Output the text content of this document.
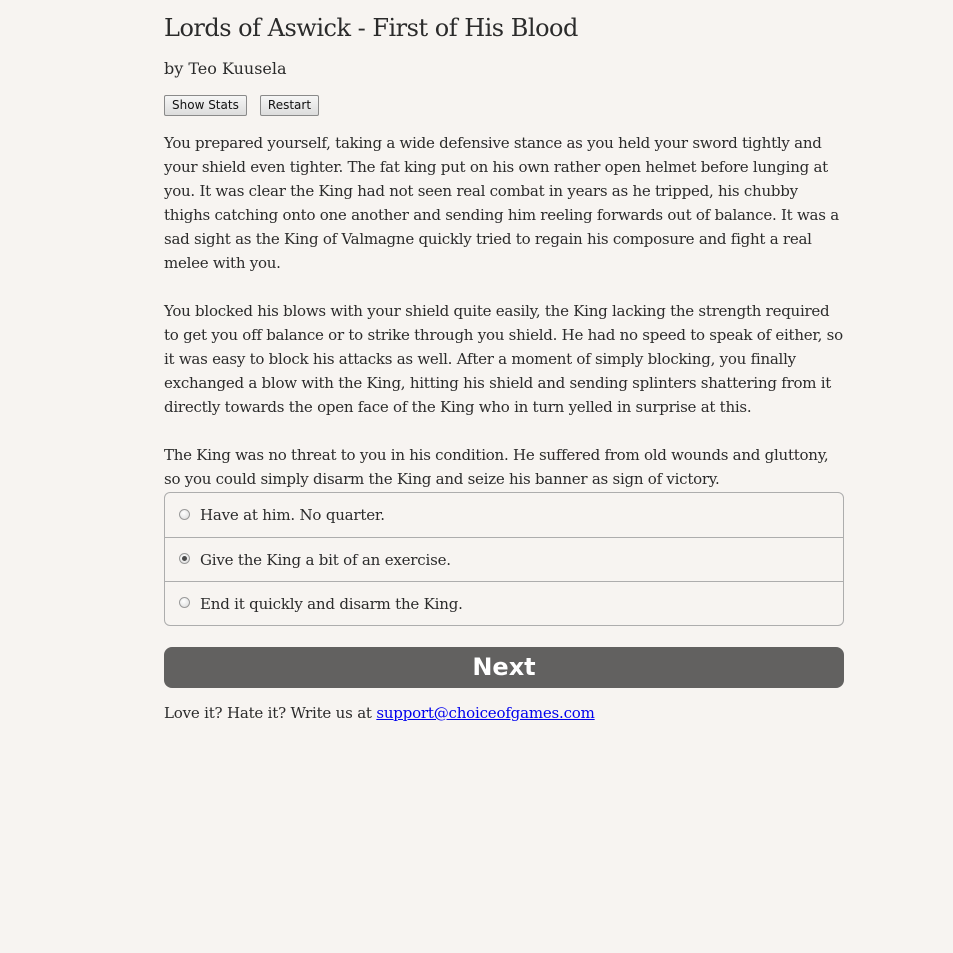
Lords of Aswick - First of His Blood
by Teo Kuusela
Show Stats Restart

You prepared yourself, taking a wide defensive stance as you held your sword tightly and your shield even tighter. The fat king put on his own rather open helmet before lunging at you. It was clear the King had not seen real combat in years as he tripped, his chubby thighs catching onto one another and sending him reeling forwards out of balance. It was a sad sight as the King of Valmagne quickly tried to regain his composure and fight a real melee with you.

You blocked his blows with your shield quite easily, the King lacking the strength required to get you off balance or to strike through you shield. He had no speed to speak of either, so it was easy to block his attacks as well. After a moment of simply blocking, you finally exchanged a blow with the King, hitting his shield and sending splinters shattering from it directly towards the open face of the King who in turn yelled in surprise at this.

The King was no threat to you in his condition. He suffered from old wounds and gluttony, so you could simply disarm the King and seize his banner as sign of victory.

Have at him. No quarter.
Give the King a bit of an exercise.
End it quickly and disarm the King.
Next
Love it? Hate it? Write us at support@choiceofgames.com
